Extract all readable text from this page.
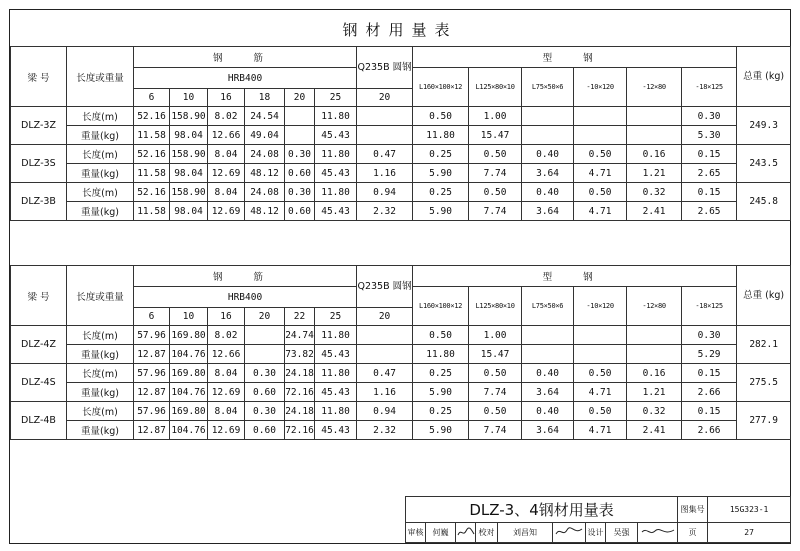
钢材用量表
梁 号	长度或重量	钢 筋						Q235B 圆钢	型 钢						总重 (kg)
		HRB400							L160×100×12	L125×80×10	L75×50×6	-10×120	-12×80	-18×125	
		6	10	16	18	20	25	20							
DLZ-3Z	长度(m)	52.16	158.90	8.02	24.54		11.80		0.50	1.00				0.30	249.3
	重量(kg)	11.58	98.04	12.66	49.04		45.43		11.80	15.47				5.30	
DLZ-3S	长度(m)	52.16	158.90	8.04	24.08	0.30	11.80	0.47	0.25	0.50	0.40	0.50	0.16	0.15	243.5
	重量(kg)	11.58	98.04	12.69	48.12	0.60	45.43	1.16	5.90	7.74	3.64	4.71	1.21	2.65	
DLZ-3B	长度(m)	52.16	158.90	8.04	24.08	0.30	11.80	0.94	0.25	0.50	0.40	0.50	0.32	0.15	245.8
	重量(kg)	11.58	98.04	12.69	48.12	0.60	45.43	2.32	5.90	7.74	3.64	4.71	2.41	2.65	
梁 号	长度或重量	钢 筋						Q235B 圆钢	型 钢						总重 (kg)
		HRB400							L160×100×12	L125×80×10	L75×50×6	-10×120	-12×80	-18×125	
		6	10	16	20	22	25	20							
DLZ-4Z	长度(m)	57.96	169.80	8.02		24.74	11.80		0.50	1.00				0.30	282.1
	重量(kg)	12.87	104.76	12.66		73.82	45.43		11.80	15.47				5.29	
DLZ-4S	长度(m)	57.96	169.80	8.04	0.30	24.18	11.80	0.47	0.25	0.50	0.40	0.50	0.16	0.15	275.5
	重量(kg)	12.87	104.76	12.69	0.60	72.16	45.43	1.16	5.90	7.74	3.64	4.71	1.21	2.66	
DLZ-4B	长度(m)	57.96	169.80	8.04	0.30	24.18	11.80	0.94	0.25	0.50	0.40	0.50	0.32	0.15	277.9
	重量(kg)	12.87	104.76	12.69	0.60	72.16	45.43	2.32	5.90	7.74	3.64	4.71	2.41	2.66	
DLZ-3、4钢材用量表									图集号	15G323-1
审核	何巍		校对	刘昌知		设计	吴强		页	27
